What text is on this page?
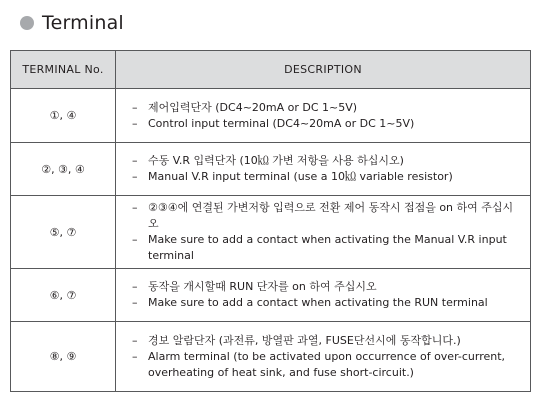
Terminal
TERMINAL No.	DESCRIPTION
①, ④	– 제어입력단자 (DC4~20mA or DC 1~5V)
– Control input terminal (DC4~20mA or DC 1~5V)

②, ③, ④	– 수동 V.R 입력단자 (10㏀ 가변 저항을 사용 하십시오)
– Manual V.R input terminal (use a 10㏀ variable resistor)

⑤, ⑦	– ②③④에 연결된 가변저항 입력으로 전환 제어 동작시 접점을 on 하여 주십시오
– Make sure to add a contact when activating the Manual V.R input terminal

⑥, ⑦	– 동작을 개시할때 RUN 단자를 on 하여 주십시오
– Make sure to add a contact when activating the RUN terminal

⑧, ⑨	– 경보 알람단자 (과전류, 방열판 과열, FUSE단선시에 동작합니다.)
– Alarm terminal (to be activated upon occurrence of over-current, overheating of heat sink, and fuse short-circuit.)
